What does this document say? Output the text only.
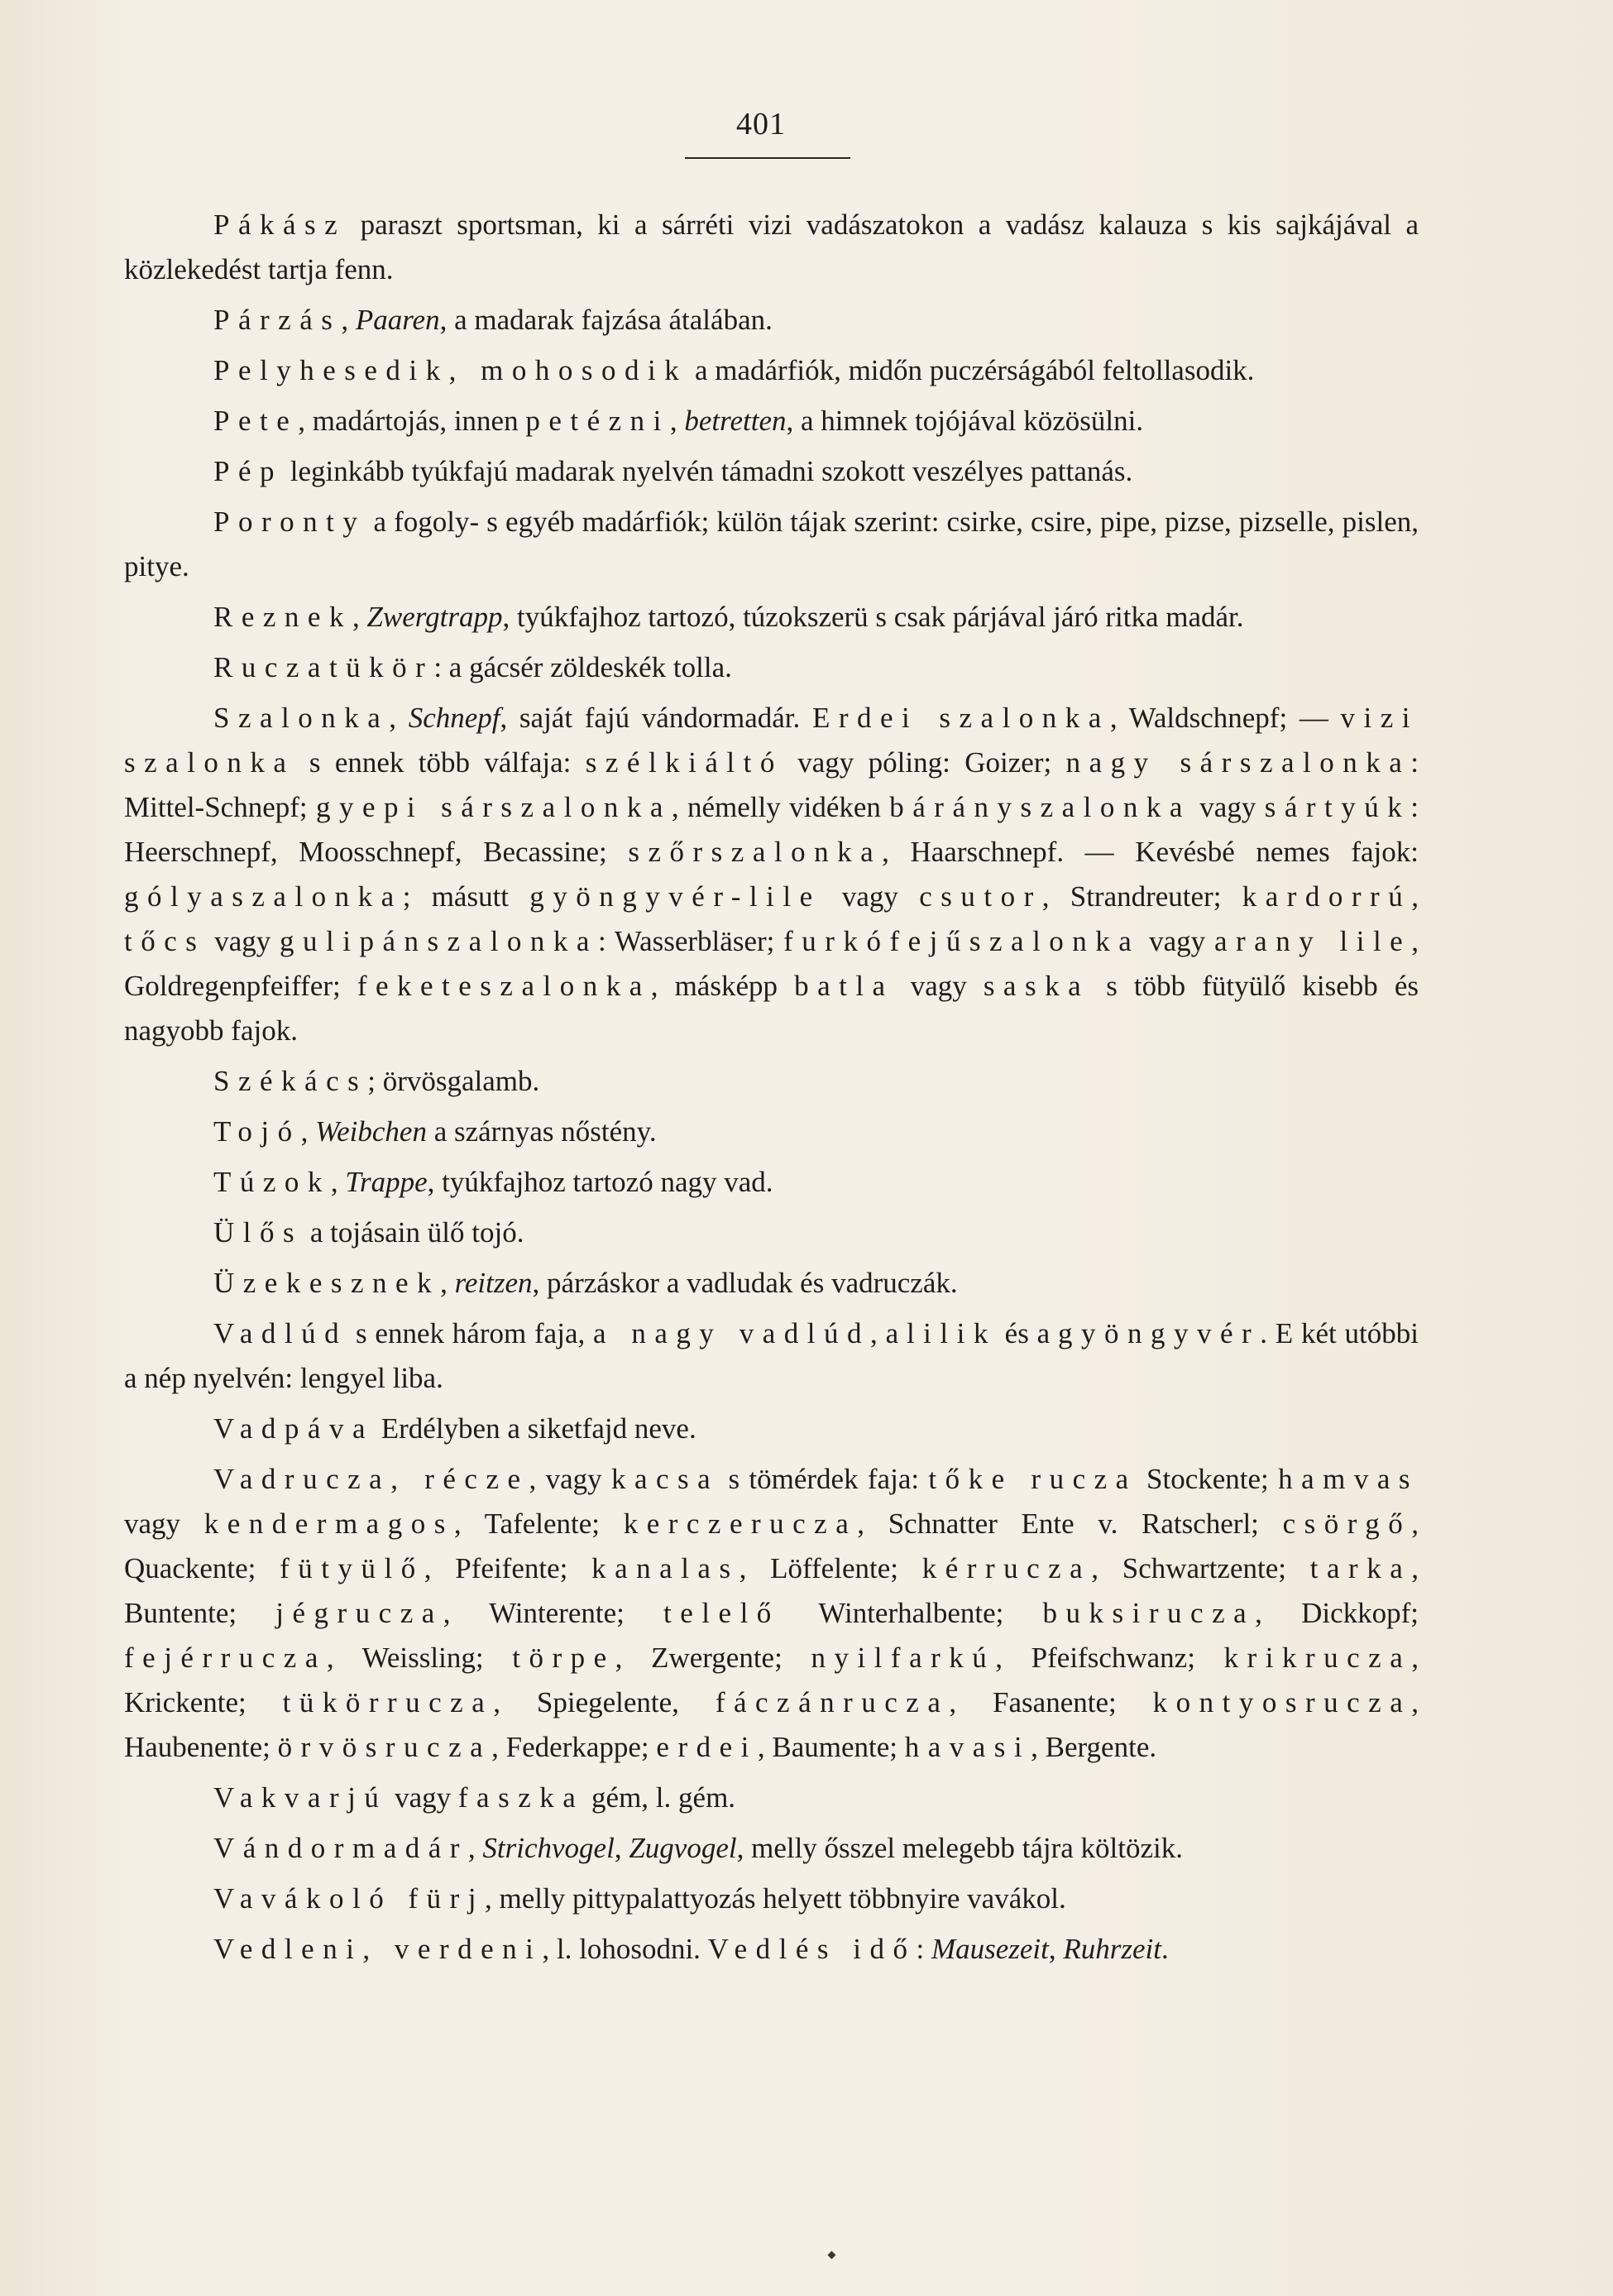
401

Pákász paraszt sportsman, ki a sárréti vizi vadászatokon a vadász kalauza s kis sajkájával a közlekedést tartja fenn.

Párzás, Paaren, a madarak fajzása átalában.

Pelyhesedik, mohosodik a madárfiók, midőn puczérságából feltollasodik.

Pete, madártojás, innen petézni, betretten, a himnek tojójával közösülni.

Pép leginkább tyúkfajú madarak nyelvén támadni szokott veszélyes pattanás.

Poronty a fogoly- s egyéb madárfiók; külön tájak szerint: csirke, csire, pipe, pizse, pizselle, pislen, pitye.

Reznek, Zwergtrapp, tyúkfajhoz tartozó, túzokszerü s csak párjával járó ritka madár.

Ruczatükör: a gácsér zöldeskék tolla.

Szalonka, Schnepf, saját fajú vándormadár. Erdei szalonka, Waldschnepf; — vizi szalonka s ennek több válfaja: szélkiáltó vagy póling: Goizer; nagy sárszalonka: Mittel-Schnepf; gyepi sárszalonka, némelly vidéken bárányszalonka vagy sártyúk: Heerschnepf, Moosschnepf, Becassine; szőrszalonka, Haarschnepf. — Kevésbé nemes fajok: gólyaszalonka; másutt gyöngyvér-lile vagy csutor, Strandreuter; kardorrú, tőcs vagy gulipánszalonka: Wasserbläser; furkófejűszalonka vagy arany lile, Goldregenpfeiffer; feketeszalonka, másképp batla vagy saska s több fütyülő kisebb és nagyobb fajok.

Székács; örvösgalamb.

Tojó, Weibchen a szárnyas nőstény.

Túzok, Trappe, tyúkfajhoz tartozó nagy vad.

Ülős a tojásain ülő tojó.

Üzekesznek, reitzen, párzáskor a vadludak és vadruczák.

Vadlúd s ennek három faja, a nagy vadlúd, a lilik és a gyöngyvér. E két utóbbi a nép nyelvén: lengyel liba.

Vadpáva Erdélyben a siketfajd neve.

Vadrucza, récze, vagy kacsa s tömérdek faja: tőke rucza Stockente; hamvas vagy kendermagos, Tafelente; kerczerucza, Schnatter Ente v. Ratscherl; csörgő, Quackente; fütyülő, Pfeifente; kanalas, Löffelente; kérrucza, Schwartzente; tarka, Buntente; jégrucza, Winterente; telelő Winterhalbente; buksirucza, Dickkopf; fejérrucza, Weissling; törpe, Zwergente; nyilfarkú, Pfeifschwanz; krikrucza, Krickente; tükörrucza, Spiegelente, fáczánrucza, Fasanente; kontyosrucza, Haubenente; örvösrucza, Federkappe; erdei, Baumente; havasi, Bergente.

Vakvarjú vagy faszka gém, l. gém.

Vándormadár, Strichvogel, Zugvogel, melly ősszel melegebb tájra költözik.

Vavákoló fürj, melly pittypalattyozás helyett többnyire vavákol.

Vedleni, verdeni, l. lohosodni. Vedlés idő: Mausezeit, Ruhrzeit.

⬩
